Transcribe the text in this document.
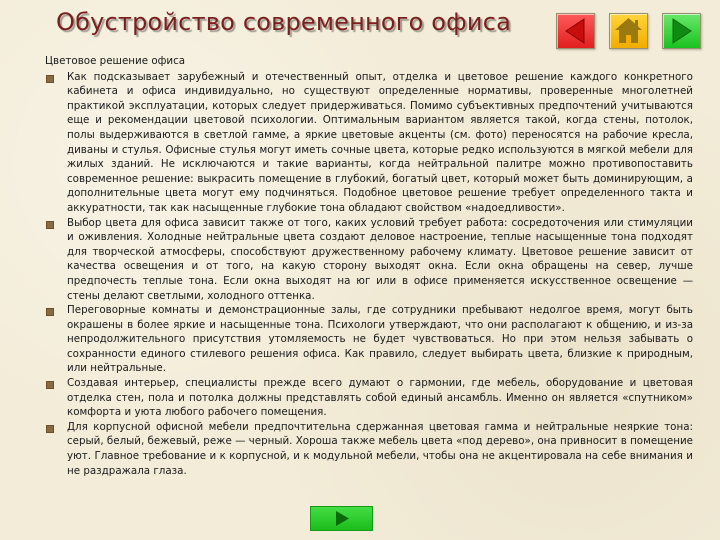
Обустройство современного офиса
Цветовое решение офиса
Как подсказывает зарубежный и отечественный опыт, отделка и цветовое решение каждого конкретного кабинета и офиса индивидуально, но существуют определенные нормативы, проверенные многолетней практикой эксплуатации, которых следует придерживаться. Помимо субъективных предпочтений учитываются еще и рекомендации цветовой психологии. Оптимальным вариантом является такой, когда стены, потолок, полы выдерживаются в светлой гамме, а яркие цветовые акценты (см. фото) переносятся на рабочие кресла, диваны и стулья. Офисные стулья могут иметь сочные цвета, которые редко используются в мягкой мебели для жилых зданий. Не исключаются и такие варианты, когда нейтральной палитре можно противопоставить современное решение: выкрасить помещение в глубокий, богатый цвет, который может быть доминирующим, а дополнительные цвета могут ему подчиняться. Подобное цветовое решение требует определенного такта и аккуратности, так как насыщенные глубокие тона обладают свойством «надоедливости».
Выбор цвета для офиса зависит также от того, каких условий требует работа: сосредоточения или стимуляции и оживления. Холодные нейтральные цвета создают деловое настроение, теплые насыщенные тона подходят для творческой атмосферы, способствуют дружественному рабочему климату. Цветовое решение зависит от качества освещения и от того, на какую сторону выходят окна. Если окна обращены на север, лучше предпочесть теплые тона. Если окна выходят на юг или в офисе применяется искусственное освещение — стены делают светлыми, холодного оттенка.
Переговорные комнаты и демонстрационные залы, где сотрудники пребывают недолгое время, могут быть окрашены в более яркие и насыщенные тона. Психологи утверждают, что они располагают к общению, и из-за непродолжительного присутствия утомляемость не будет чувствоваться. Но при этом нельзя забывать о сохранности единого стилевого решения офиса. Как правило, следует выбирать цвета, близкие к природным, или нейтральные.
Создавая интерьер, специалисты прежде всего думают о гармонии, где мебель, оборудование и цветовая отделка стен, пола и потолка должны представлять собой единый ансамбль. Именно он является «спутником» комфорта и уюта любого рабочего помещения.
Для корпусной офисной мебели предпочтительна сдержанная цветовая гамма и нейтральные неяркие тона: серый, белый, бежевый, реже — черный. Хороша также мебель цвета «под дерево», она привносит в помещение уют. Главное требование и к корпусной, и к модульной мебели, чтобы она не акцентировала на себе внимания и не раздражала глаза.
